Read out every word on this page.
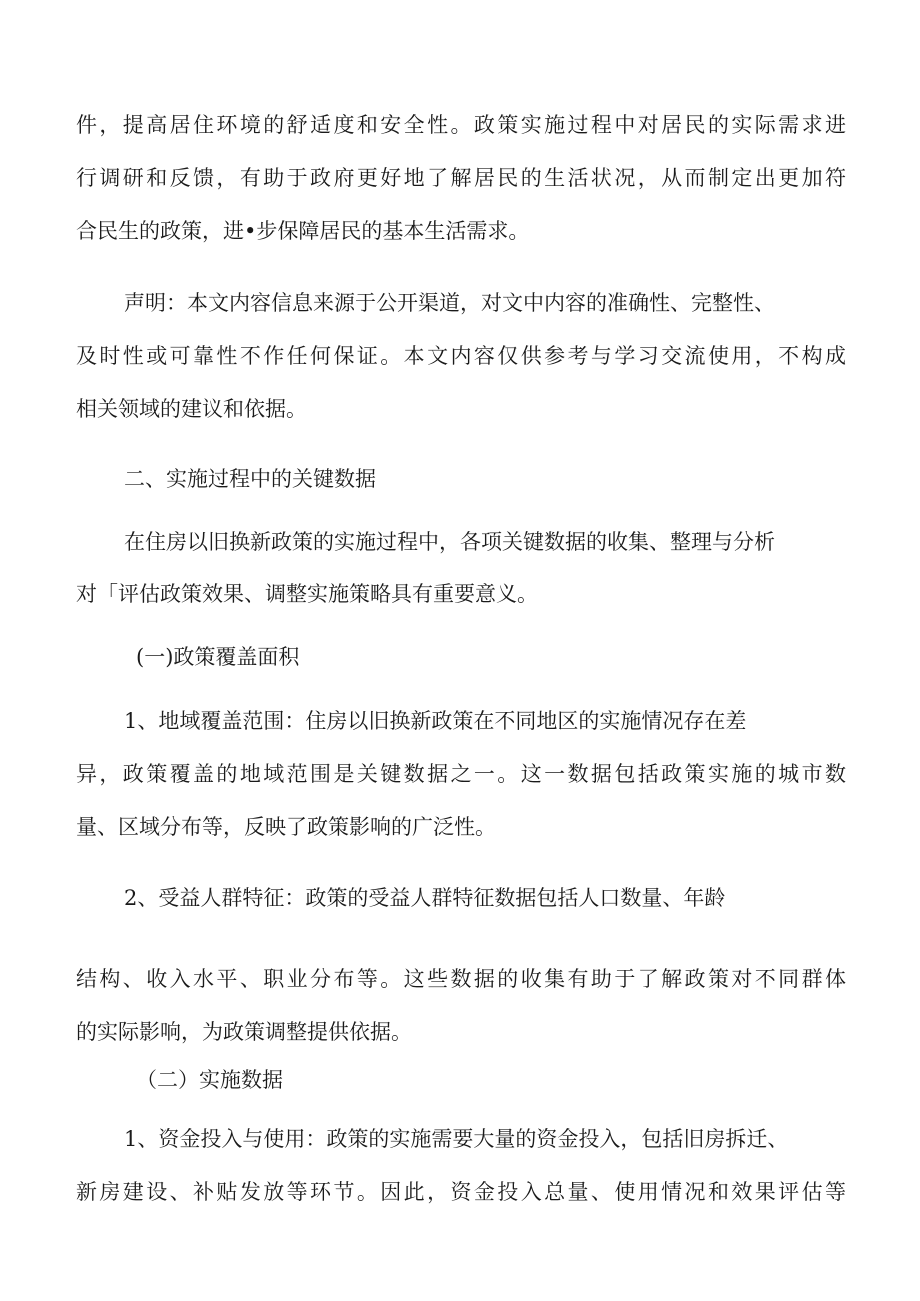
件，提高居住环境的舒适度和安全性。政策实施过程中对居民的实际需求进
行调研和反馈，有助于政府更好地了解居民的生活状况，从而制定出更加符
合民生的政策，进•步保障居民的基本生活需求。
声明：本文内容信息来源于公开渠道，对文中内容的准确性、完整性、
及时性或可靠性不作任何保证。本文内容仅供参考与学习交流使用，不构成
相关领域的建议和依据。
二、实施过程中的关键数据
在住房以旧换新政策的实施过程中，各项关键数据的收集、整理与分析
对「评估政策效果、调整实施策略具有重要意义。
(一)政策覆盖面积
1、地域覆盖范围：住房以旧换新政策在不同地区的实施情况存在差
异，政策覆盖的地域范围是关键数据之一。这一数据包括政策实施的城市数
量、区域分布等，反映了政策影响的广泛性。
2、受益人群特征：政策的受益人群特征数据包括人口数量、年龄
结构、收入水平、职业分布等。这些数据的收集有助于了解政策对不同群体
的实际影响，为政策调整提供依据。
（二）实施数据
1、资金投入与使用：政策的实施需要大量的资金投入，包括旧房拆迁、
新房建设、补贴发放等环节。因此，资金投入总量、使用情况和效果评估等
